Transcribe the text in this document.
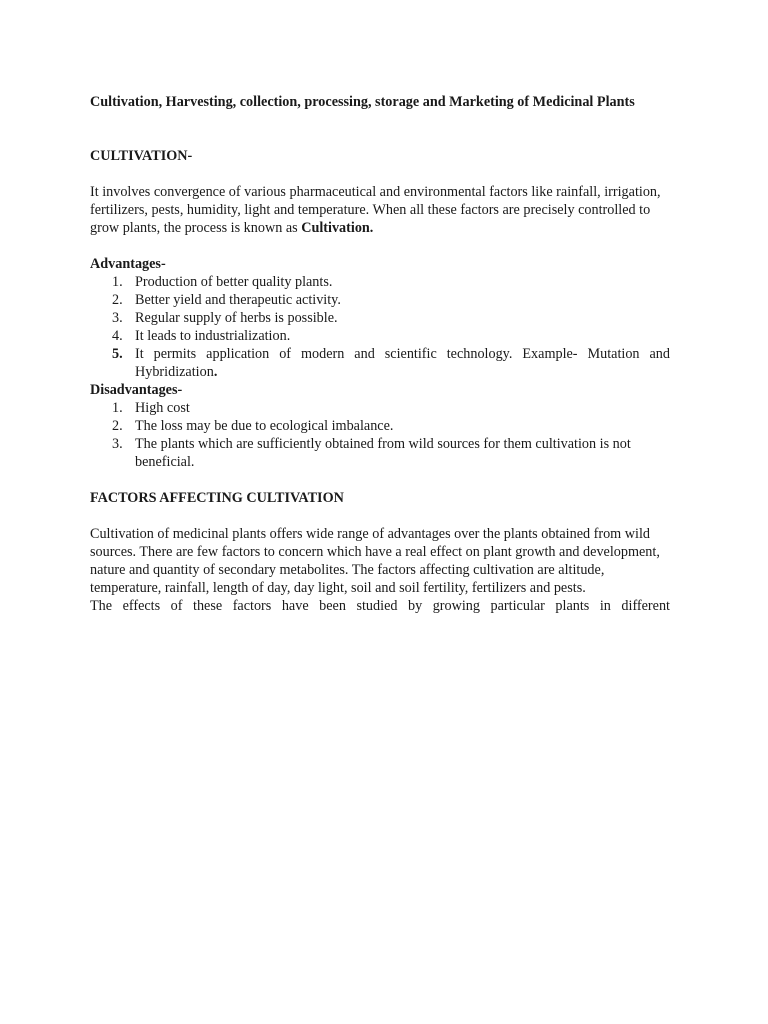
Cultivation, Harvesting, collection, processing, storage and Marketing of Medicinal Plants

CULTIVATION-

It involves convergence of various pharmaceutical and environmental factors like rainfall, irrigation, fertilizers, pests, humidity, light and temperature. When all these factors are precisely controlled to grow plants, the process is known as Cultivation.

Advantages-

1. Production of better quality plants.
2. Better yield and therapeutic activity.
3. Regular supply of herbs is possible.
4. It leads to industrialization.
5. It permits application of modern and scientific technology. Example- Mutation and Hybridization.

Disadvantages-

1. High cost
2. The loss may be due to ecological imbalance.
3. The plants which are sufficiently obtained from wild sources for them cultivation is not beneficial.

FACTORS AFFECTING CULTIVATION

Cultivation of medicinal plants offers wide range of advantages over the plants obtained from wild sources. There are few factors to concern which have a real effect on plant growth and development, nature and quantity of secondary metabolites. The factors affecting cultivation are altitude, temperature, rainfall, length of day, day light, soil and soil fertility, fertilizers and pests.

The effects of these factors have been studied by growing particular plants in different
